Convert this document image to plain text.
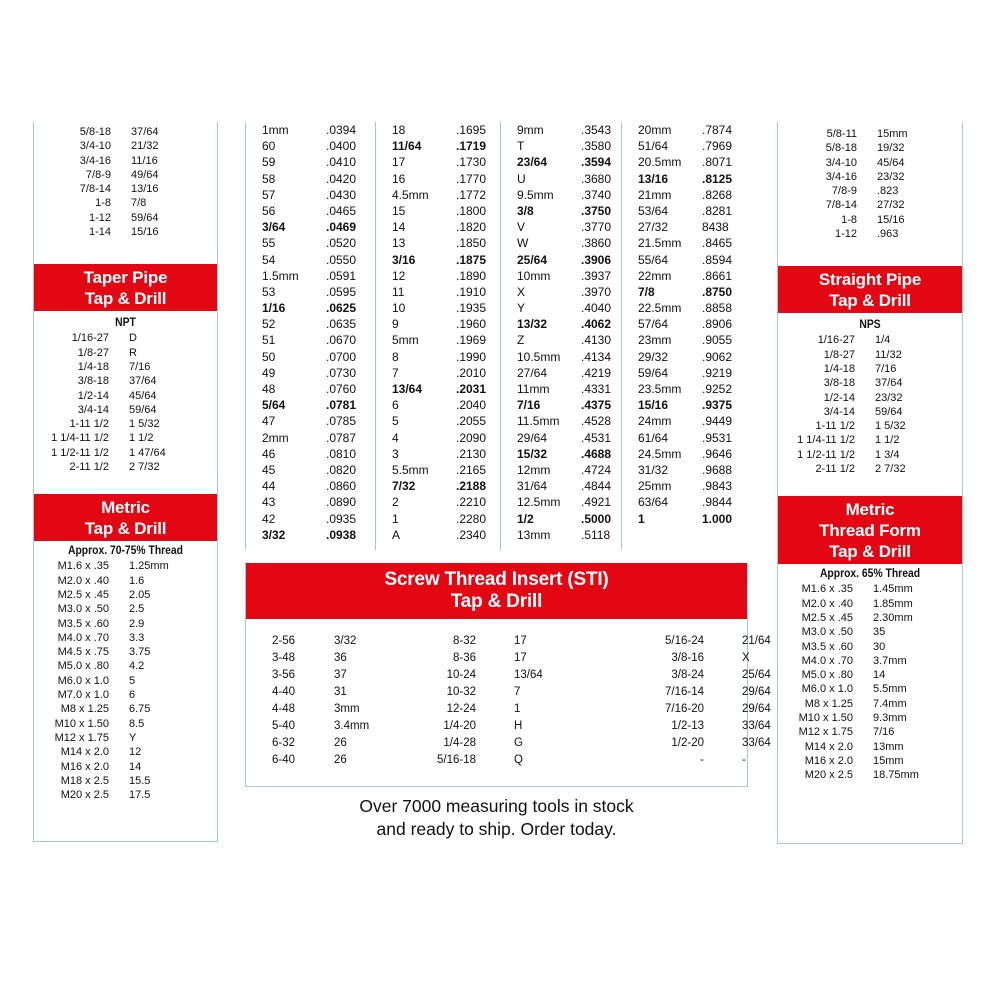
5/8-18	37/64
3/4-10	21/32
3/4-16	11/16
7/8-9	49/64
7/8-14	13/16
1-8	7/8
1-12	59/64
1-14	15/16
Taper Pipe
Tap & Drill
NPT
1/16-27	D
1/8-27	R
1/4-18	7/16
3/8-18	37/64
1/2-14	45/64
3/4-14	59/64
1-11 1/2	1 5/32
1 1/4-11 1/2	1 1/2
1 1/2-11 1/2	1 47/64
2-11 1/2	2 7/32
Metric
Tap & Drill
Approx. 70-75% Thread
M1.6 x .35	1.25mm
M2.0 x .40	1.6
M2.5 x .45	2.05
M3.0 x .50	2.5
M3.5 x .60	2.9
M4.0 x .70	3.3
M4.5 x .75	3.75
M5.0 x .80	4.2
M6.0 x 1.0	5
M7.0 x 1.0	6
M8 x 1.25	6.75
M10 x 1.50	8.5
M12 x 1.75	Y
M14 x 2.0	12
M16 x 2.0	14
M18 x 2.5	15.5
M20 x 2.5	17.5
1mm	.0394
60	.0400
59	.0410
58	.0420
57	.0430
56	.0465
3/64	.0469
55	.0520
54	.0550
1.5mm	.0591
53	.0595
1/16	.0625
52	.0635
51	.0670
50	.0700
49	.0730
48	.0760
5/64	.0781
47	.0785
2mm	.0787
46	.0810
45	.0820
44	.0860
43	.0890
42	.0935
3/32	.0938
18	.1695
11/64	.1719
17	.1730
16	.1770
4.5mm	.1772
15	.1800
14	.1820
13	.1850
3/16	.1875
12	.1890
11	.1910
10	.1935
9	.1960
5mm	.1969
8	.1990
7	.2010
13/64	.2031
6	.2040
5	.2055
4	.2090
3	.2130
5.5mm	.2165
7/32	.2188
2	.2210
1	.2280
A	.2340
9mm	.3543
T	.3580
23/64	.3594
U	.3680
9.5mm	.3740
3/8	.3750
V	.3770
W	.3860
25/64	.3906
10mm	.3937
X	.3970
Y	.4040
13/32	.4062
Z	.4130
10.5mm	.4134
27/64	.4219
11mm	.4331
7/16	.4375
11.5mm	.4528
29/64	.4531
15/32	.4688
12mm	.4724
31/64	.4844
12.5mm	.4921
1/2	.5000
13mm	.5118
20mm	.7874
51/64	.7969
20.5mm	.8071
13/16	.8125
21mm	.8268
53/64	.8281
27/32	8438
21.5mm	.8465
55/64	.8594
22mm	.8661
7/8	.8750
22.5mm	.8858
57/64	.8906
23mm	.9055
29/32	.9062
59/64	.9219
23.5mm	.9252
15/16	.9375
24mm	.9449
61/64	.9531
24.5mm	.9646
31/32	.9688
25mm	.9843
63/64	.9844
1	1.000
Screw Thread Insert (STI)
Tap & Drill
2-56	3/32	8-32	17	5/16-24	21/64
3-48	36	8-36	17	3/8-16	X
3-56	37	10-24	13/64	3/8-24	25/64
4-40	31	10-32	7	7/16-14	29/64
4-48	3mm	12-24	1	7/16-20	29/64
5-40	3.4mm	1/4-20	H	1/2-13	33/64
6-32	26	1/4-28	G	1/2-20	33/64
6-40	26	5/16-18	Q	-	-
Over 7000 measuring tools in stock
and ready to ship. Order today.
5/8-11	15mm
5/8-18	19/32
3/4-10	45/64
3/4-16	23/32
7/8-9	.823
7/8-14	27/32
1-8	15/16
1-12	.963
Straight Pipe
Tap & Drill
NPS
1/16-27	1/4
1/8-27	11/32
1/4-18	7/16
3/8-18	37/64
1/2-14	23/32
3/4-14	59/64
1-11 1/2	1 5/32
1 1/4-11 1/2	1 1/2
1 1/2-11 1/2	1 3/4
2-11 1/2	2 7/32
Metric
Thread Form
Tap & Drill
Approx. 65% Thread
M1.6 x .35	1.45mm
M2.0 x .40	1.85mm
M2.5 x .45	2.30mm
M3.0 x .50	35
M3.5 x .60	30
M4.0 x .70	3.7mm
M5.0 x .80	14
M6.0 x 1.0	5.5mm
M8 x 1.25	7.4mm
M10 x 1.50	9.3mm
M12 x 1.75	7/16
M14 x 2.0	13mm
M16 x 2.0	15mm
M20 x 2.5	18.75mm
